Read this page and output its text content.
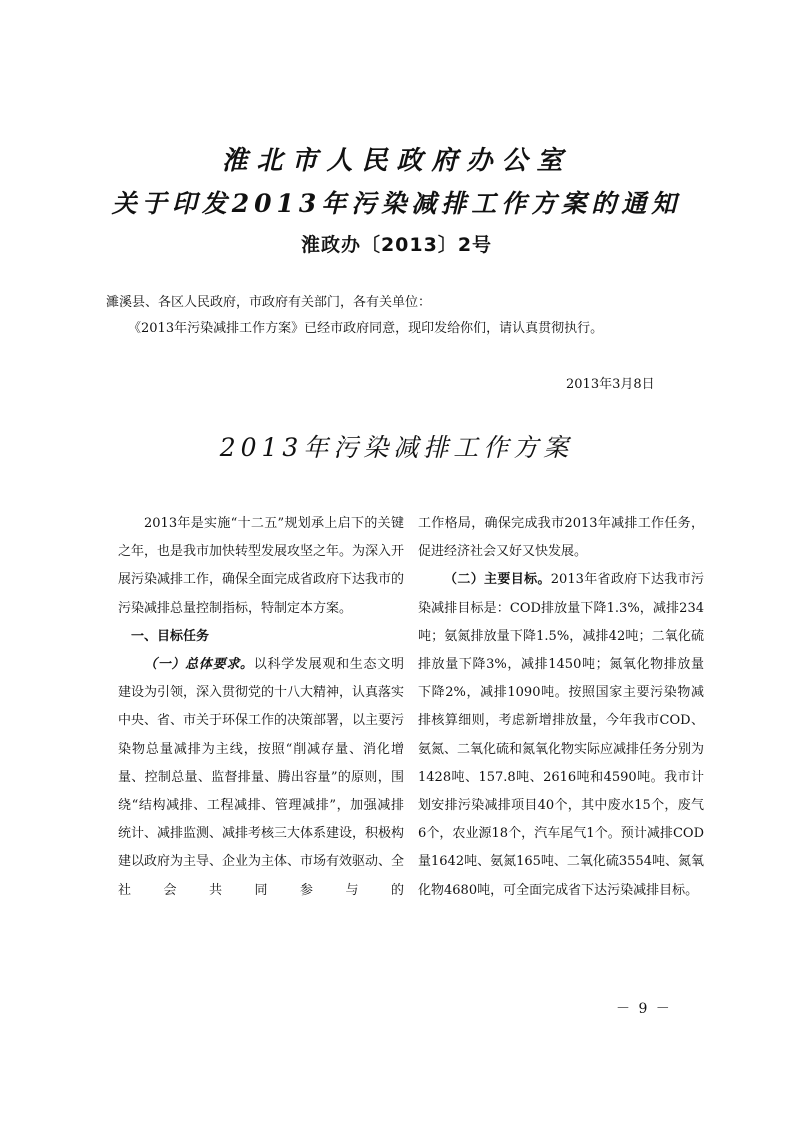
淮北市人民政府办公室
关于印发2013年污染减排工作方案的通知
淮政办〔2013〕2号
濉溪县、各区人民政府，市政府有关部门，各有关单位：
《2013年污染减排工作方案》已经市政府同意，现印发给你们，请认真贯彻执行。
2013年3月8日
2013年污染减排工作方案

2013年是实施“十二五”规划承上启下的关键之年，也是我市加快转型发展攻坚之年。为深入开展污染减排工作，确保全面完成省政府下达我市的污染减排总量控制指标，特制定本方案。

一、目标任务

（一）总体要求。以科学发展观和生态文明建设为引领，深入贯彻党的十八大精神，认真落实中央、省、市关于环保工作的决策部署，以主要污染物总量减排为主线，按照“削减存量、消化增量、控制总量、监督排量、腾出容量”的原则，围绕“结构减排、工程减排、管理减排”，加强减排统计、减排监测、减排考核三大体系建设，积极构建以政府为主导、企业为主体、市场有效驱动、全社会共同参与的

工作格局，确保完成我市2013年减排工作任务，促进经济社会又好又快发展。

（二）主要目标。2013年省政府下达我市污染减排目标是：COD排放量下降1.3%，减排234吨；氨氮排放量下降1.5%，减排42吨；二氧化硫排放量下降3%，减排1450吨；氮氧化物排放量下降2%，减排1090吨。按照国家主要污染物减排核算细则，考虑新增排放量，今年我市COD、氨氮、二氧化硫和氮氧化物实际应减排任务分别为1428吨、157.8吨、2616吨和4590吨。我市计划安排污染减排项目40个，其中废水15个，废气6个，农业源18个，汽车尾气1个。预计减排COD量1642吨、氨氮165吨、二氧化硫3554吨、氮氧化物4680吨，可全面完成省下达污染减排目标。

－ 9 －
